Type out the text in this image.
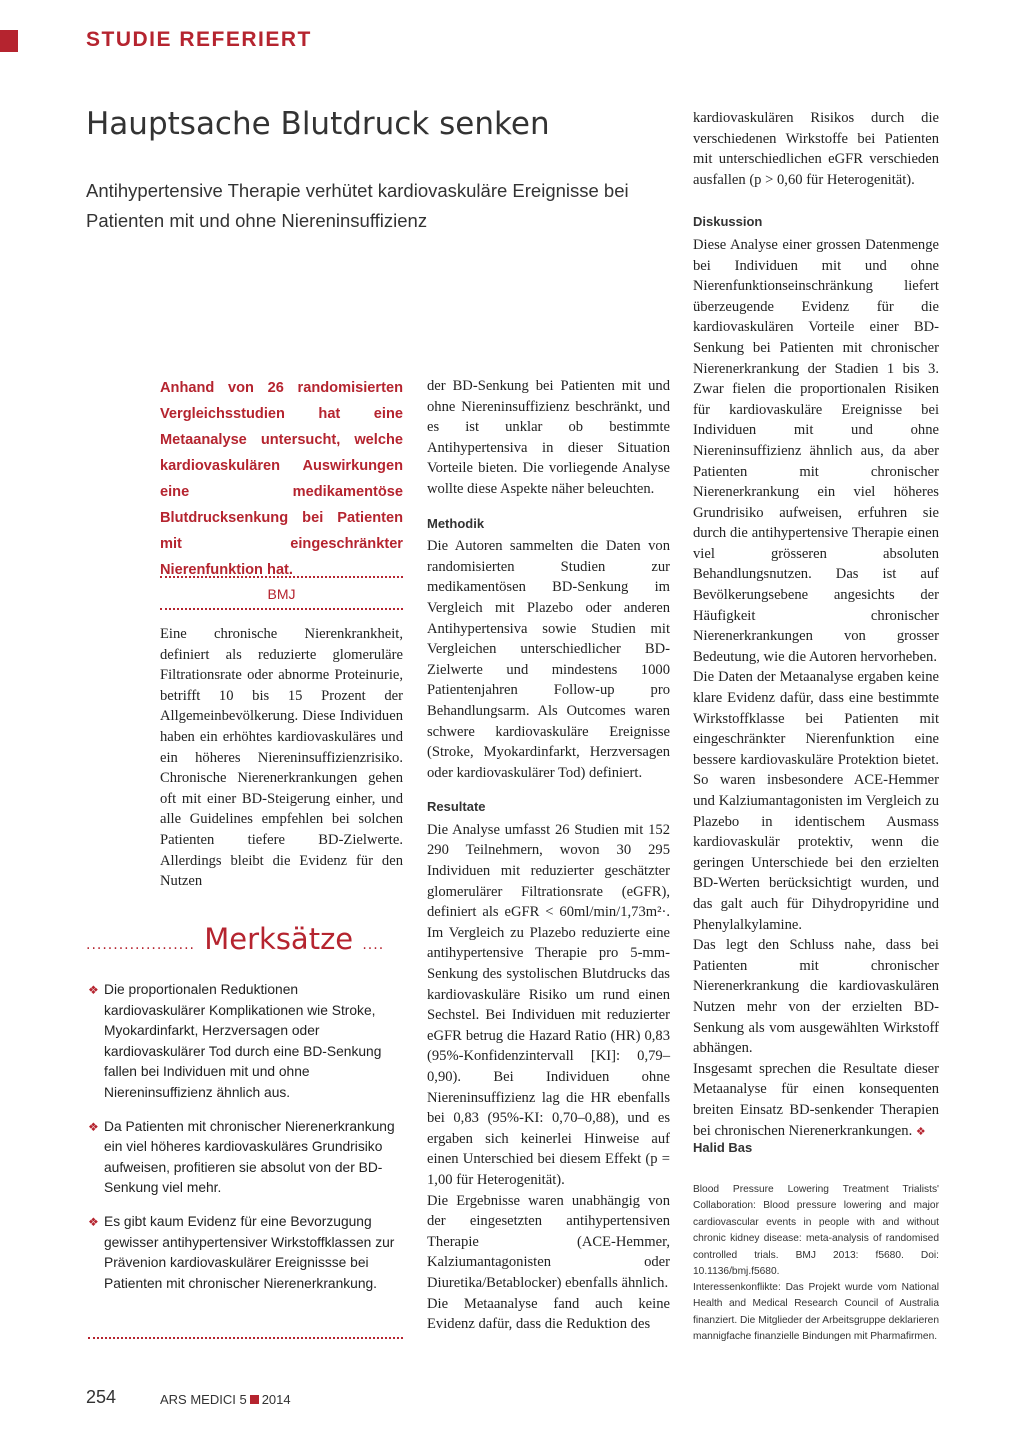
STUDIE REFERIERT
Hauptsache Blutdruck senken
Antihypertensive Therapie verhütet kardiovaskuläre Ereignisse bei Patienten mit und ohne Niereninsuffizienz
Anhand von 26 randomisierten Vergleichsstudien hat eine Metaanalyse untersucht, welche kardiovaskulären Auswirkungen eine medikamentöse Blutdrucksenkung bei Patienten mit eingeschränkter Nierenfunktion hat.
BMJ

Eine chronische Nierenkrankheit, definiert als reduzierte glomeruläre Filtrationsrate oder abnorme Proteinurie, betrifft 10 bis 15 Prozent der Allgemeinbevölkerung. Diese Individuen haben ein erhöhtes kardiovaskuläres und ein höheres Niereninsuffizienzrisiko. Chronische Nierenerkrankungen gehen oft mit einer BD-Steigerung einher, und alle Guidelines empfehlen bei solchen Patienten tiefere BD-Zielwerte. Allerdings bleibt die Evidenz für den Nutzen

.................... Merksätze ....
❖ Die proportionalen Reduktionen kardiovaskulärer Komplikationen wie Stroke, Myokardinfarkt, Herzversagen oder kardiovaskulärer Tod durch eine BD-Senkung fallen bei Individuen mit und ohne Niereninsuffizienz ähnlich aus.
❖ Da Patienten mit chronischer Nierenerkrankung ein viel höheres kardiovaskuläres Grundrisiko aufweisen, profitieren sie absolut von der BD-Senkung viel mehr.
❖ Es gibt kaum Evidenz für eine Bevorzugung gewisser antihypertensiver Wirkstoffklassen zur Prävenion kardiovaskulärer Ereignissse bei Patienten mit chronischer Nierenerkrankung.

der BD-Senkung bei Patienten mit und ohne Niereninsuffizienz beschränkt, und es ist unklar ob bestimmte Antihypertensiva in dieser Situation Vorteile bieten. Die vorliegende Analyse wollte diese Aspekte näher beleuchten.

Methodik

Die Autoren sammelten die Daten von randomisierten Studien zur medikamentösen BD-Senkung im Vergleich mit Plazebo oder anderen Antihypertensiva sowie Studien mit Vergleichen unterschiedlicher BD-Zielwerte und mindestens 1000 Patientenjahren Follow-up pro Behandlungsarm. Als Outcomes waren schwere kardiovaskuläre Ereignisse (Stroke, Myokardinfarkt, Herzversagen oder kardiovaskulärer Tod) definiert.

Resultate

Die Analyse umfasst 26 Studien mit 152 290 Teilnehmern, wovon 30 295 Individuen mit reduzierter geschätzter glomerulärer Filtrationsrate (eGFR), definiert als eGFR < 60ml/min/1,73m²·. Im Vergleich zu Plazebo reduzierte eine antihypertensive Therapie pro 5-mm-Senkung des systolischen Blutdrucks das kardiovaskuläre Risiko um rund einen Sechstel. Bei Individuen mit reduzierter eGFR betrug die Hazard Ratio (HR) 0,83 (95%-Konfidenzintervall [KI]: 0,79–0,90). Bei Individuen ohne Niereninsuffizienz lag die HR ebenfalls bei 0,83 (95%-KI: 0,70–0,88), und es ergaben sich keinerlei Hinweise auf einen Unterschied bei diesem Effekt (p = 1,00 für Heterogenität).

Die Ergebnisse waren unabhängig von der eingesetzten antihypertensiven Therapie (ACE-Hemmer, Kalziumantagonisten oder Diuretika/Betablocker) ebenfalls ähnlich.

Die Metaanalyse fand auch keine Evidenz dafür, dass die Reduktion des

kardiovaskulären Risikos durch die verschiedenen Wirkstoffe bei Patienten mit unterschiedlichen eGFR verschieden ausfallen (p > 0,60 für Heterogenität).

Diskussion

Diese Analyse einer grossen Datenmenge bei Individuen mit und ohne Nierenfunktionseinschränkung liefert überzeugende Evidenz für die kardiovaskulären Vorteile einer BD-Senkung bei Patienten mit chronischer Nierenerkrankung der Stadien 1 bis 3. Zwar fielen die proportionalen Risiken für kardiovaskuläre Ereignisse bei Individuen mit und ohne Niereninsuffizienz ähnlich aus, da aber Patienten mit chronischer Nierenerkrankung ein viel höheres Grundrisiko aufweisen, erfuhren sie durch die antihypertensive Therapie einen viel grösseren absoluten Behandlungsnutzen. Das ist auf Bevölkerungsebene angesichts der Häufigkeit chronischer Nierenerkrankungen von grosser Bedeutung, wie die Autoren hervorheben.

Die Daten der Metaanalyse ergaben keine klare Evidenz dafür, dass eine bestimmte Wirkstoffklasse bei Patienten mit eingeschränkter Nierenfunktion eine bessere kardiovaskuläre Protektion bietet. So waren insbesondere ACE-Hemmer und Kalziumantagonisten im Vergleich zu Plazebo in identischem Ausmass kardiovaskulär protektiv, wenn die geringen Unterschiede bei den erzielten BD-Werten berücksichtigt wurden, und das galt auch für Dihydropyridine und Phenylalkylamine.

Das legt den Schluss nahe, dass bei Patienten mit chronischer Nierenerkrankung die kardiovaskulären Nutzen mehr von der erzielten BD-Senkung als vom ausgewählten Wirkstoff abhängen.

Insgesamt sprechen die Resultate dieser Metaanalyse für einen konsequenten breiten Einsatz BD-senkender Therapien bei chronischen Nierenerkrankungen. ❖

Halid Bas
Blood Pressure Lowering Treatment Trialists' Collaboration: Blood pressure lowering and major cardiovascular events in people with and without chronic kidney disease: meta-analysis of randomised controlled trials. BMJ 2013: f5680. Doi: 10.1136/bmj.f5680.
Interessenkonflikte: Das Projekt wurde vom National Health and Medical Research Council of Australia finanziert. Die Mitglieder der Arbeitsgruppe deklarieren mannigfache finanzielle Bindungen mit Pharmafirmen.
254	ARS MEDICI 5 2014
